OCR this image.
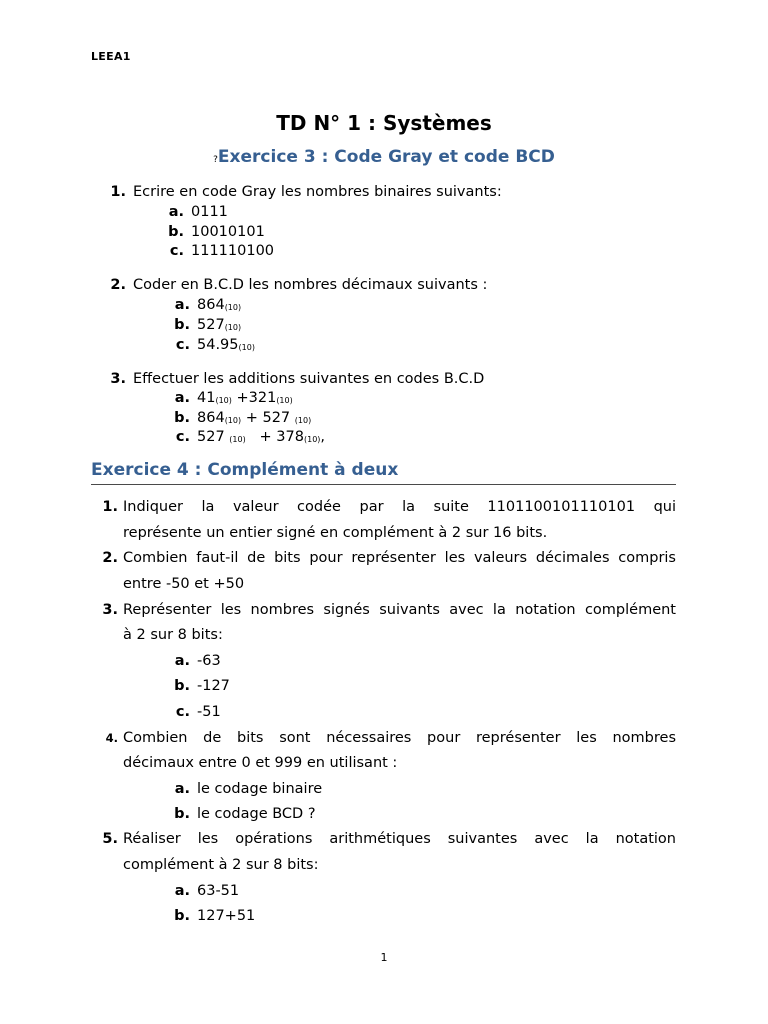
LEEA1
TD N° 1 : Systèmes
?Exercice 3 : Code Gray et code BCD
1. Ecrire en code Gray les nombres binaires suivants:
a. 0111
b. 10010101
c. 111110100
2. Coder en B.C.D les nombres décimaux suivants :
a. 864(10)
b. 527(10)
c. 54.95(10)
3. Effectuer les additions suivantes en codes B.C.D
a. 41(10) +321(10)
b. 864(10) + 527 (10)
c. 527 (10)   + 378(10),
Exercice 4 : Complément à deux
1. Indiquer la valeur codée par la suite 1101100101110101 qui
représente un entier signé en complément à 2 sur 16 bits.
2. Combien faut-il de bits pour représenter les valeurs décimales compris
entre -50 et +50
3. Représenter les nombres signés suivants avec la notation complément
à 2 sur 8 bits:
a. -63
b. -127
c. -51
4. Combien de bits sont nécessaires pour représenter les nombres
décimaux entre 0 et 999 en utilisant :
a. le codage binaire
b. le codage BCD ?
5. Réaliser les opérations arithmétiques suivantes avec la notation
complément à 2 sur 8 bits:
a. 63-51
b. 127+51
1
